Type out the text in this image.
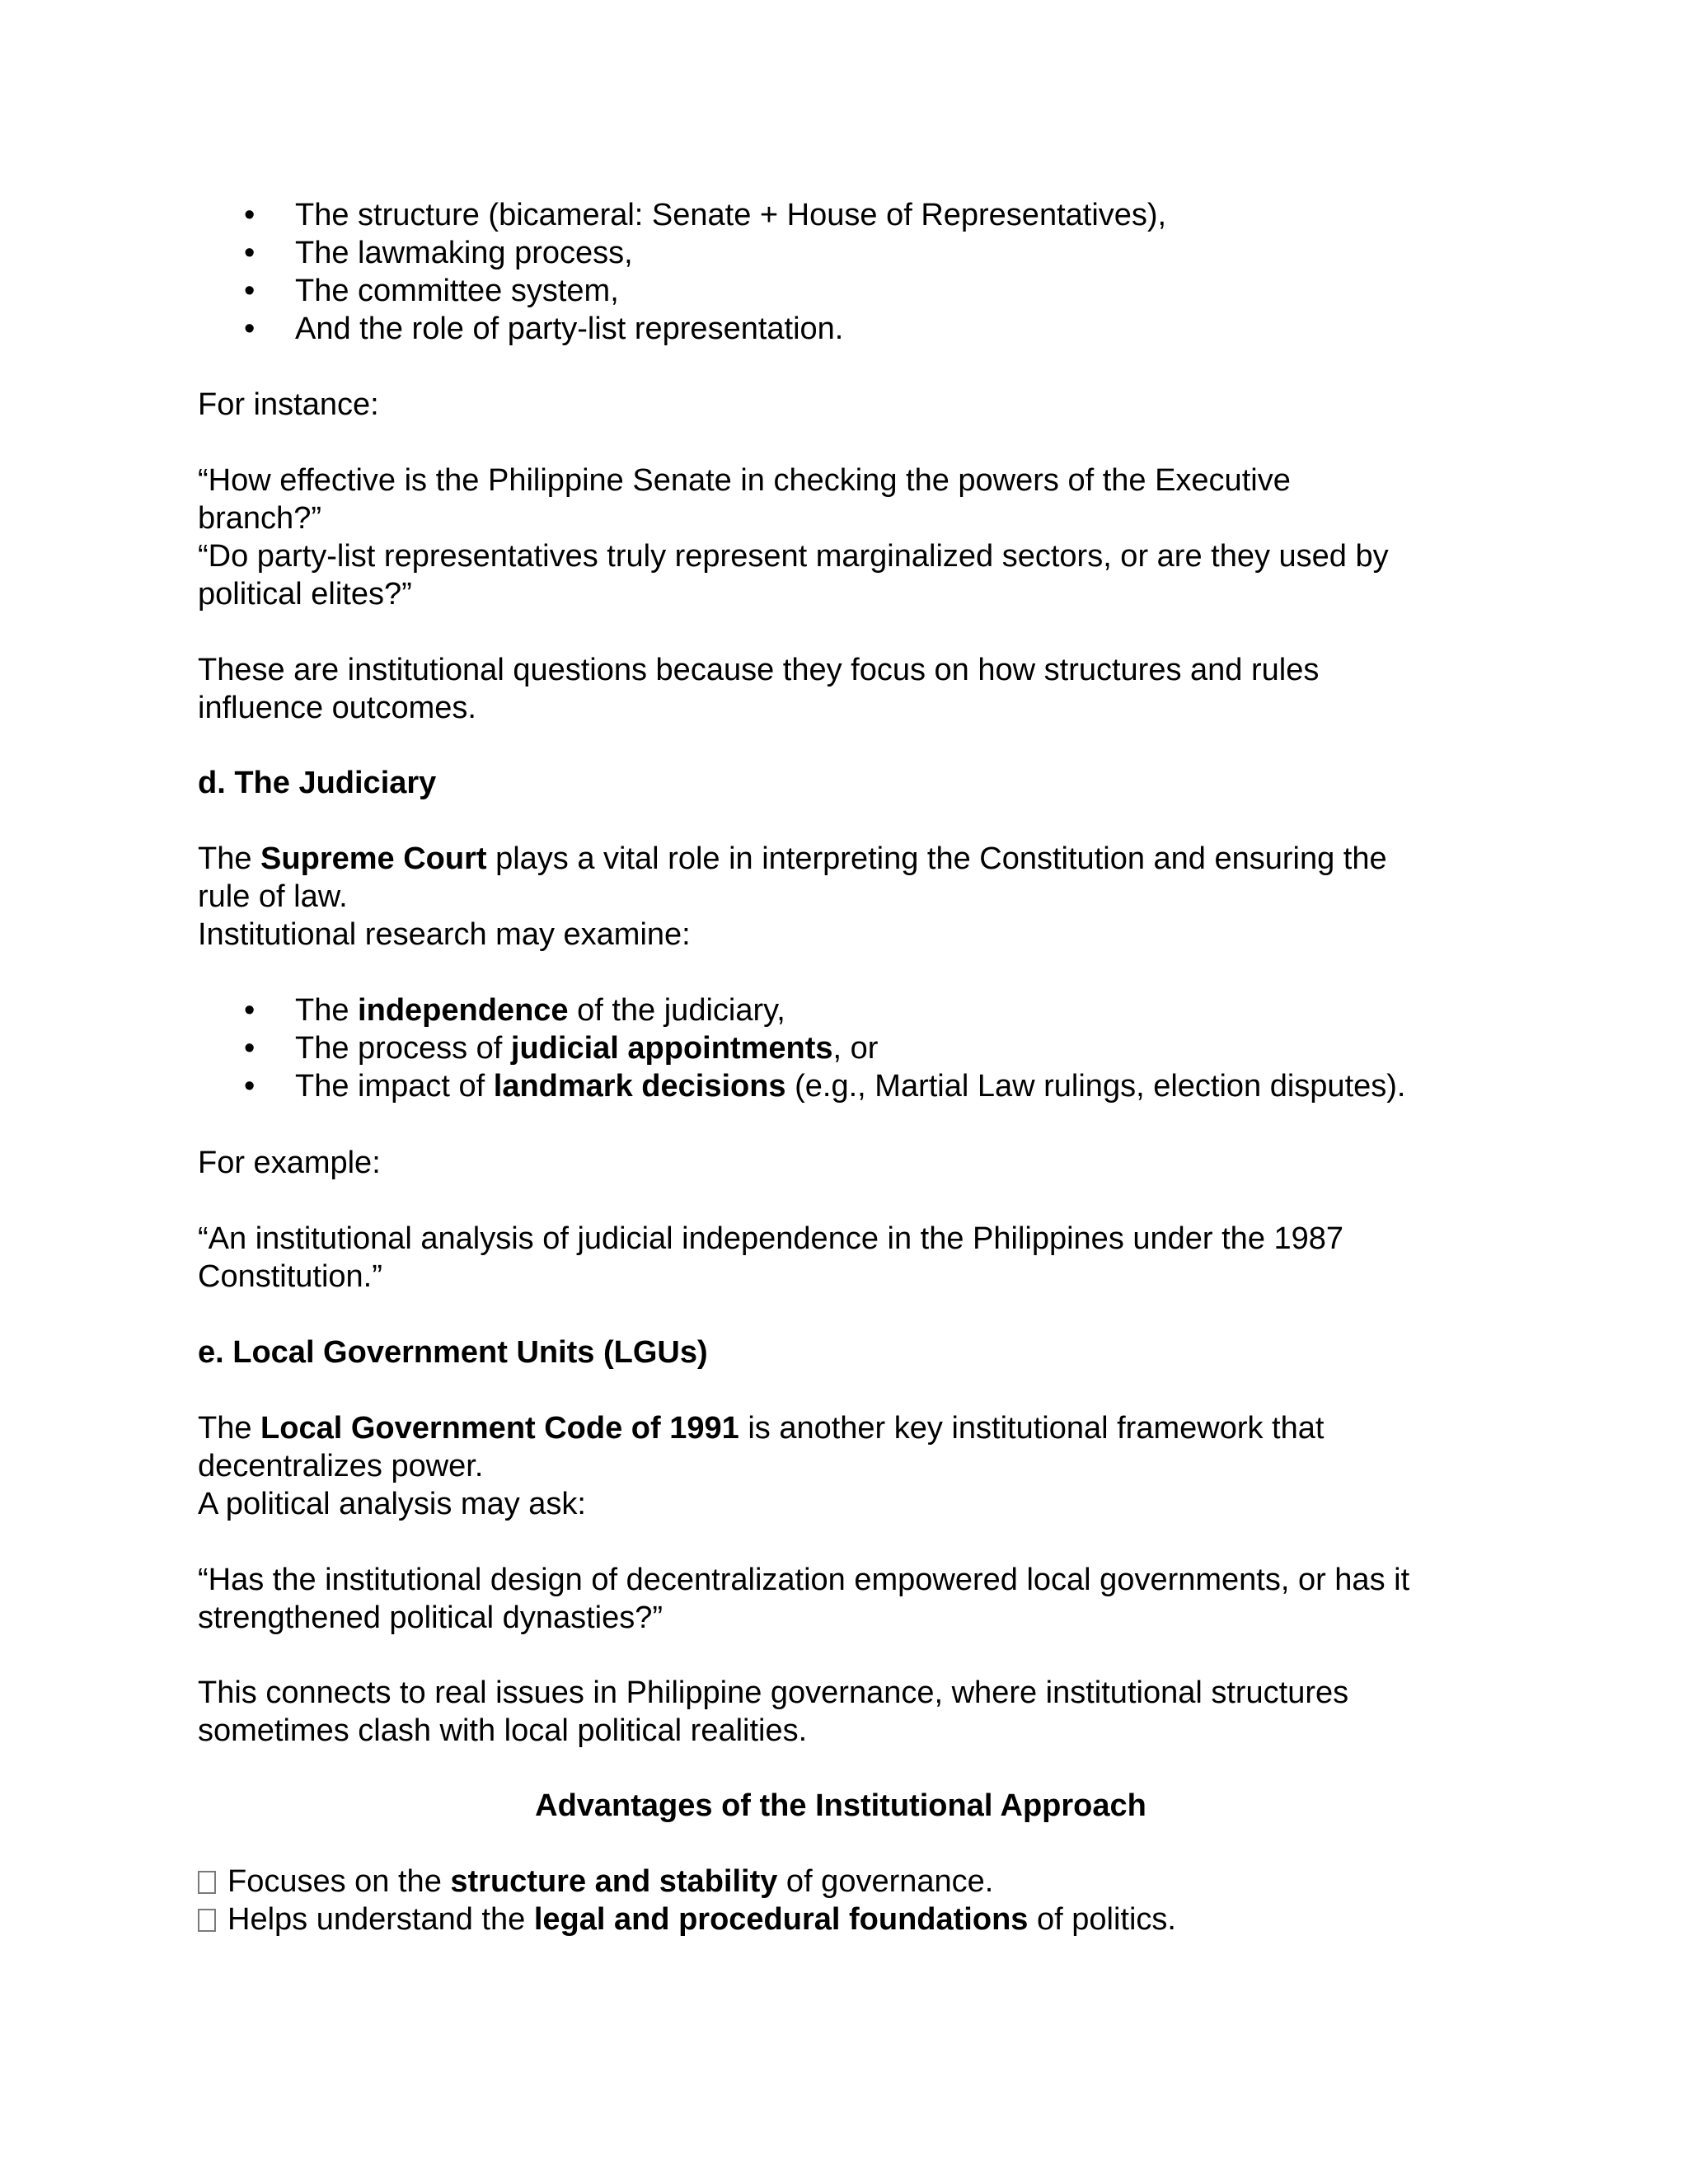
•	The structure (bicameral: Senate + House of Representatives),
•	The lawmaking process,
•	The committee system,
•	And the role of party-list representation.
For instance:
“How effective is the Philippine Senate in checking the powers of the Executive
branch?”
“Do party-list representatives truly represent marginalized sectors, or are they used by
political elites?”
These are institutional questions because they focus on how structures and rules
influence outcomes.
d. The Judiciary
The Supreme Court plays a vital role in interpreting the Constitution and ensuring the
rule of law.
Institutional research may examine:
•	The independence of the judiciary,
•	The process of judicial appointments, or
•	The impact of landmark decisions (e.g., Martial Law rulings, election disputes).
For example:
“An institutional analysis of judicial independence in the Philippines under the 1987
Constitution.”
e. Local Government Units (LGUs)
The Local Government Code of 1991 is another key institutional framework that
decentralizes power.
A political analysis may ask:
“Has the institutional design of decentralization empowered local governments, or has it
strengthened political dynasties?”
This connects to real issues in Philippine governance, where institutional structures
sometimes clash with local political realities.
Advantages of the Institutional Approach
Focuses on the structure and stability of governance.
Helps understand the legal and procedural foundations of politics.
